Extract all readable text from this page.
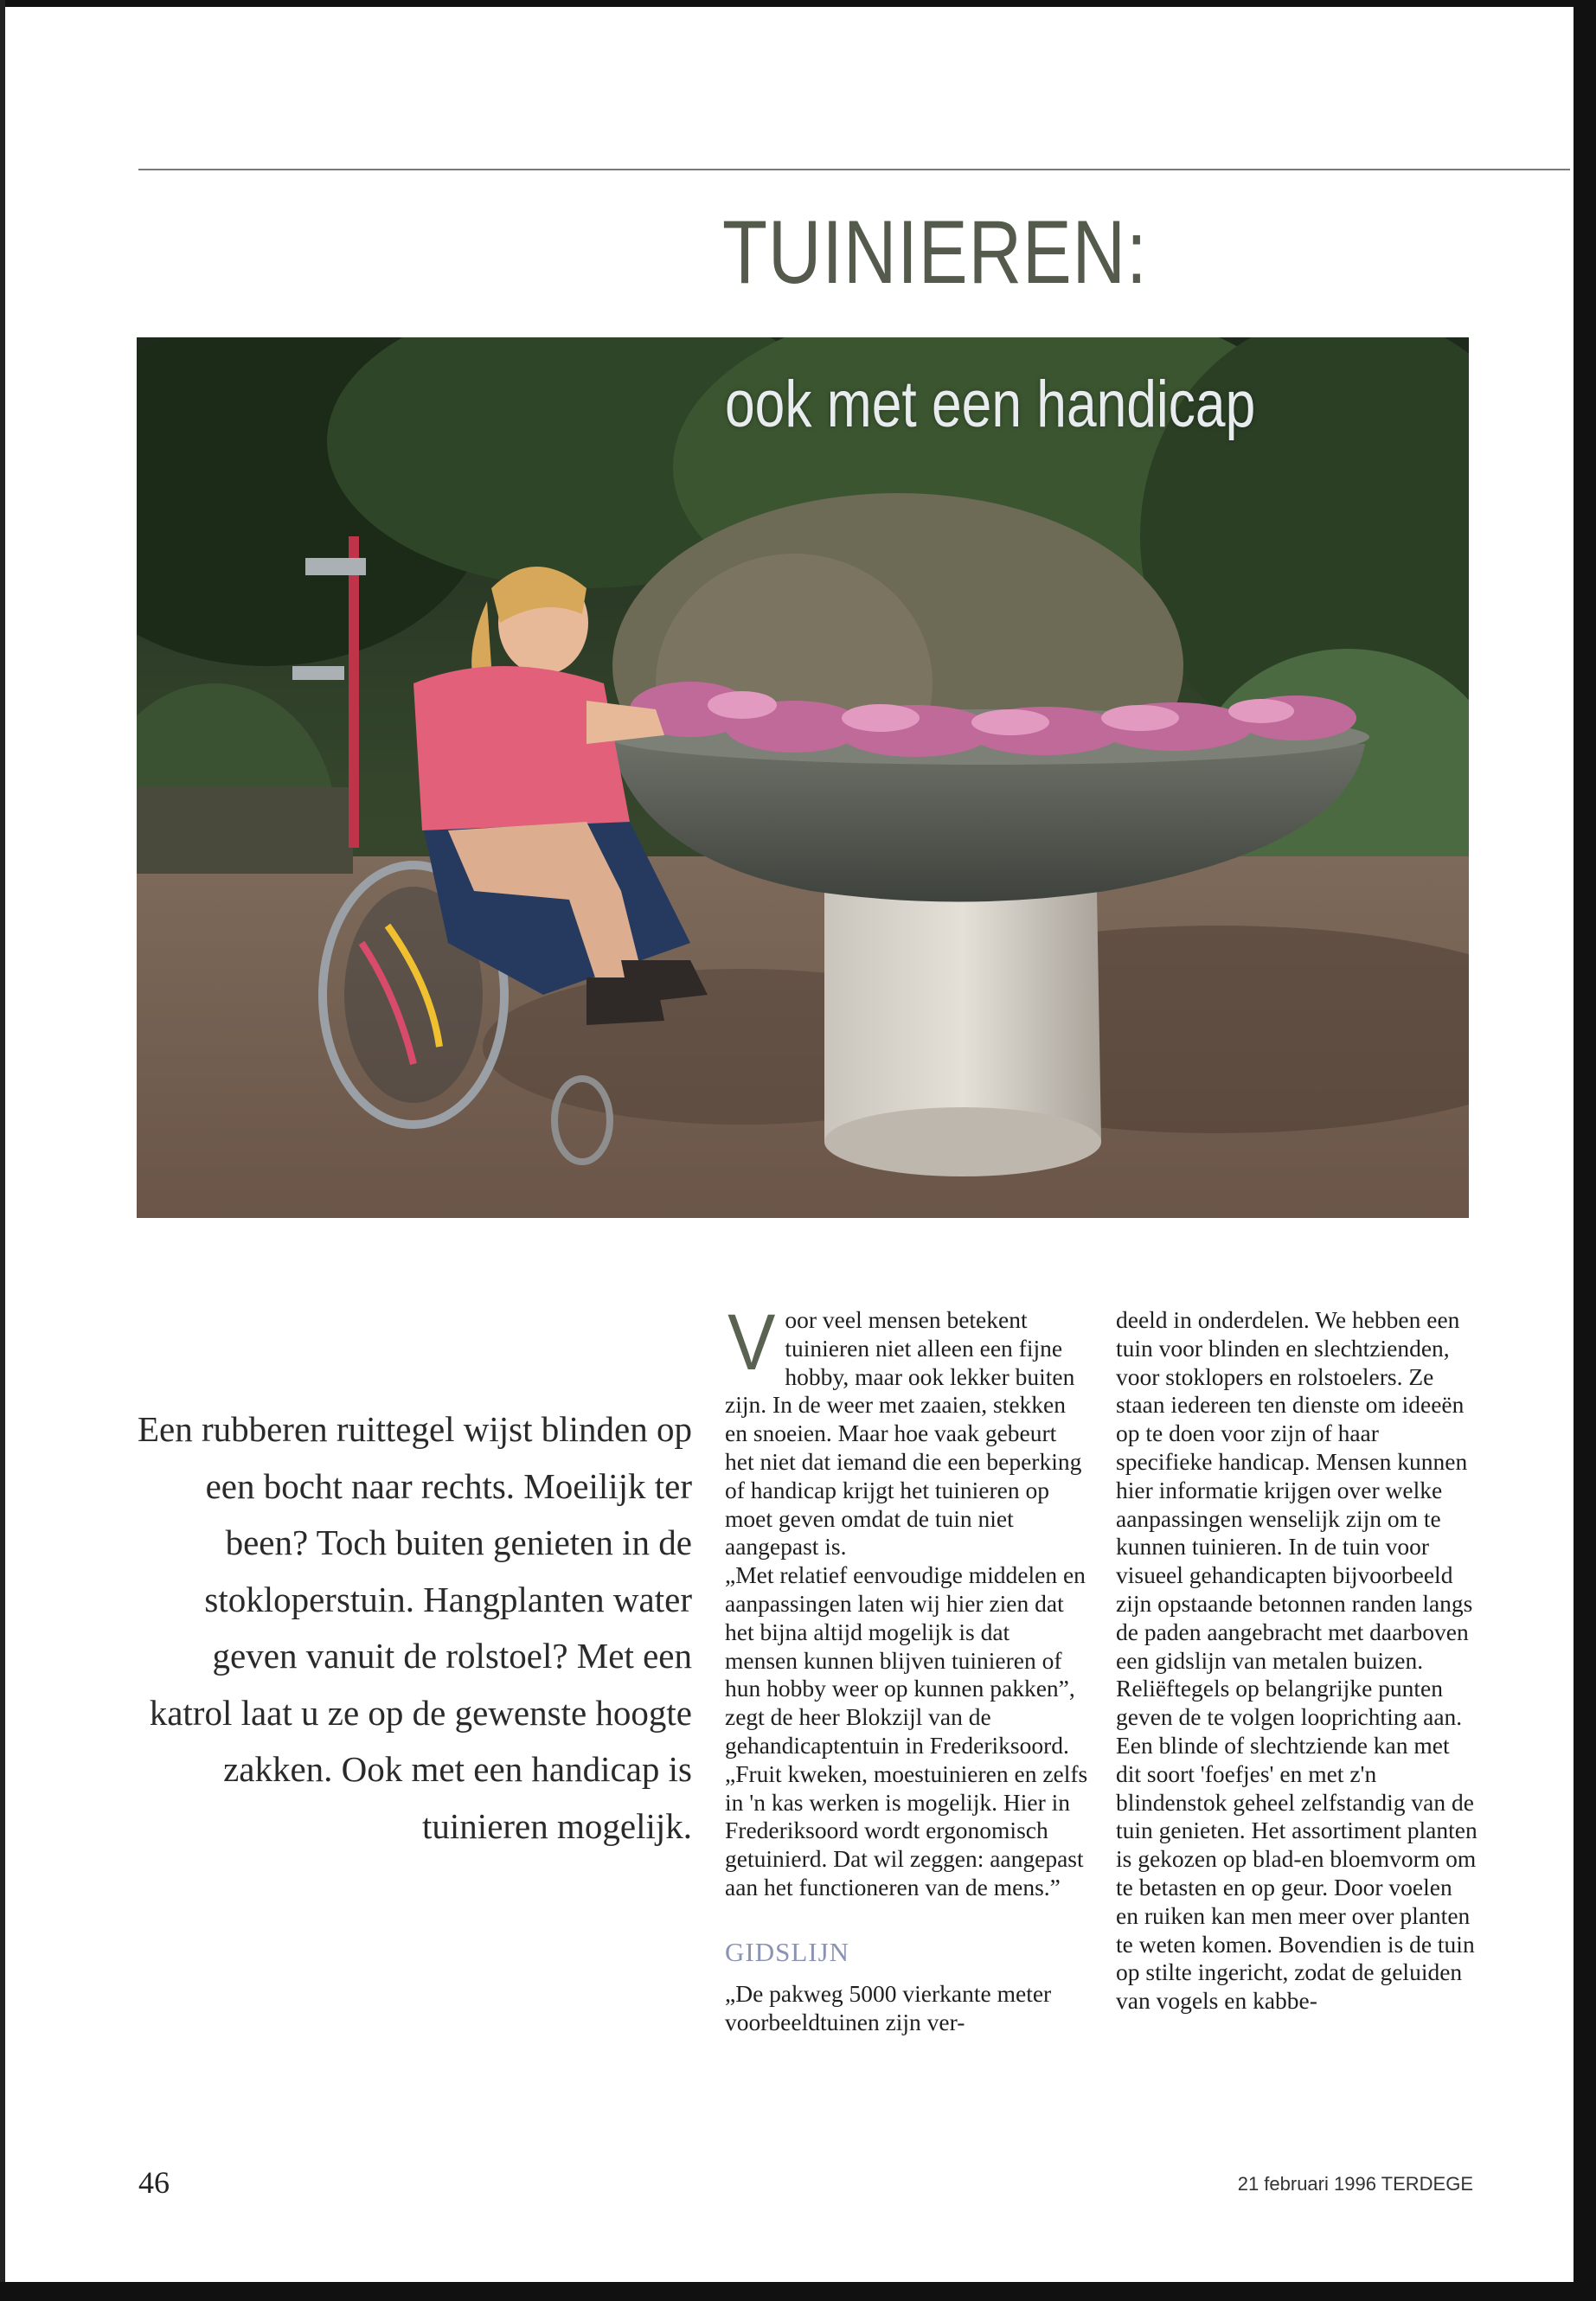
TUINIEREN:
ook met een handicap
Een rubberen ruittegel wijst blinden op een bocht naar rechts. Moeilijk ter been? Toch buiten genieten in de stokloperstuin. Hangplanten water geven vanuit de rolstoel? Met een katrol laat u ze op de gewenste hoogte zakken. Ook met een handicap is tuinieren mogelijk.
V oor veel mensen betekent tuinieren niet alleen een fijne hobby, maar ook lekker buiten zijn. In de weer met zaaien, stekken en snoeien. Maar hoe vaak gebeurt het niet dat iemand die een beperking of handicap krijgt het tuinieren op moet geven omdat de tuin niet aangepast is.

„Met relatief eenvoudige middelen en aanpassingen laten wij hier zien dat het bijna altijd mogelijk is dat mensen kunnen blijven tuinieren of hun hobby weer op kunnen pakken”, zegt de heer Blokzijl van de gehandicaptentuin in Frederiksoord. „Fruit kweken, moestuinieren en zelfs in 'n kas werken is mogelijk. Hier in Frederiksoord wordt ergonomisch getuinierd. Dat wil zeggen: aangepast aan het functioneren van de mens.”

GIDSLIJN

„De pakweg 5000 vierkante meter voorbeeldtuinen zijn ver-

deeld in onderdelen. We hebben een tuin voor blinden en slechtzienden, voor stoklopers en rolstoelers. Ze staan iedereen ten dienste om ideeën op te doen voor zijn of haar specifieke handicap. Mensen kunnen hier informatie krijgen over welke aanpassingen wenselijk zijn om te kunnen tuinieren. In de tuin voor visueel gehandicapten bijvoorbeeld zijn opstaande betonnen randen langs de paden aangebracht met daarboven een gidslijn van metalen buizen. Reliëftegels op belangrijke punten geven de te volgen looprichting aan. Een blinde of slechtziende kan met dit soort 'foefjes' en met z'n blindenstok geheel zelfstandig van de tuin genieten. Het assortiment planten is gekozen op blad-en bloemvorm om te betasten en op geur. Door voelen en ruiken kan men meer over planten te weten komen. Bovendien is de tuin op stilte ingericht, zodat de geluiden van vogels en kabbe-

46	21 februari 1996 TERDEGE
